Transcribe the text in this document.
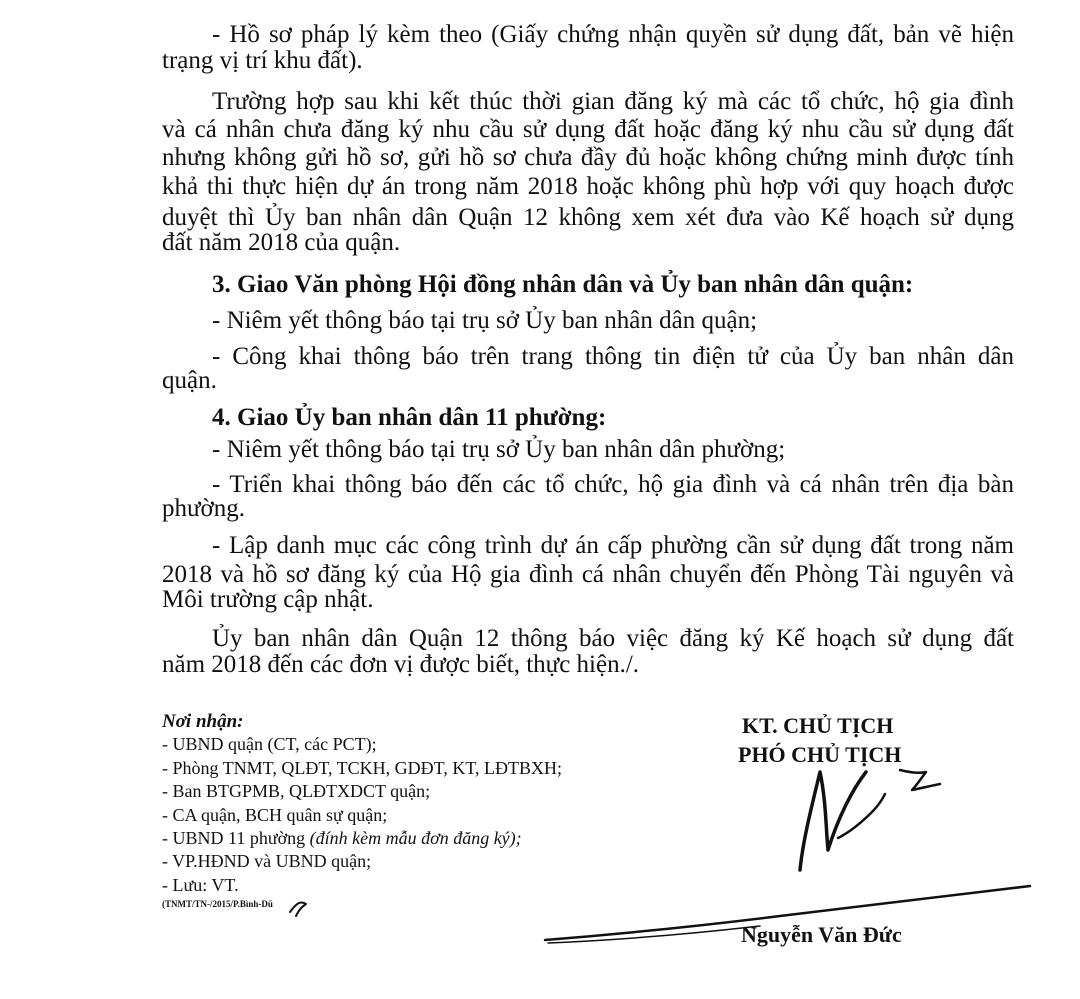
- Hồ sơ pháp lý kèm theo (Giấy chứng nhận quyền sử dụng đất, bản vẽ hiện
trạng vị trí khu đất).
Trường hợp sau khi kết thúc thời gian đăng ký mà các tổ chức, hộ gia đình
và cá nhân chưa đăng ký nhu cầu sử dụng đất hoặc đăng ký nhu cầu sử dụng đất
nhưng không gửi hồ sơ, gửi hồ sơ chưa đầy đủ hoặc không chứng minh được tính
khả thi thực hiện dự án trong năm 2018 hoặc không phù hợp với quy hoạch được
duyệt thì Ủy ban nhân dân Quận 12 không xem xét đưa vào Kế hoạch sử dụng
đất năm 2018 của quận.
3. Giao Văn phòng Hội đồng nhân dân và Ủy ban nhân dân quận:
- Niêm yết thông báo tại trụ sở Ủy ban nhân dân quận;
- Công khai thông báo trên trang thông tin điện tử của Ủy ban nhân dân
quận.
4. Giao Ủy ban nhân dân 11 phường:
- Niêm yết thông báo tại trụ sở Ủy ban nhân dân phường;
- Triển khai thông báo đến các tổ chức, hộ gia đình và cá nhân trên địa bàn
phường.
- Lập danh mục các công trình dự án cấp phường cần sử dụng đất trong năm
2018 và hồ sơ đăng ký của Hộ gia đình cá nhân chuyển đến Phòng Tài nguyên và
Môi trường cập nhật.
Ủy ban nhân dân Quận 12 thông báo việc đăng ký Kế hoạch sử dụng đất
năm 2018 đến các đơn vị được biết, thực hiện./.
Nơi nhận:
- UBND quận (CT, các PCT);
- Phòng TNMT, QLĐT, TCKH, GDĐT, KT, LĐTBXH;
- Ban BTGPMB, QLĐTXDCT quận;
- CA quận, BCH quân sự quận;
- UBND 11 phường (đính kèm mẫu đơn đăng ký);
- VP.HĐND và UBND quận;
- Lưu: VT.
(TNMT/TN-/2015/P.Bình-Dũ
KT. CHỦ TỊCH
PHÓ CHỦ TỊCH
Nguyễn Văn Đức
